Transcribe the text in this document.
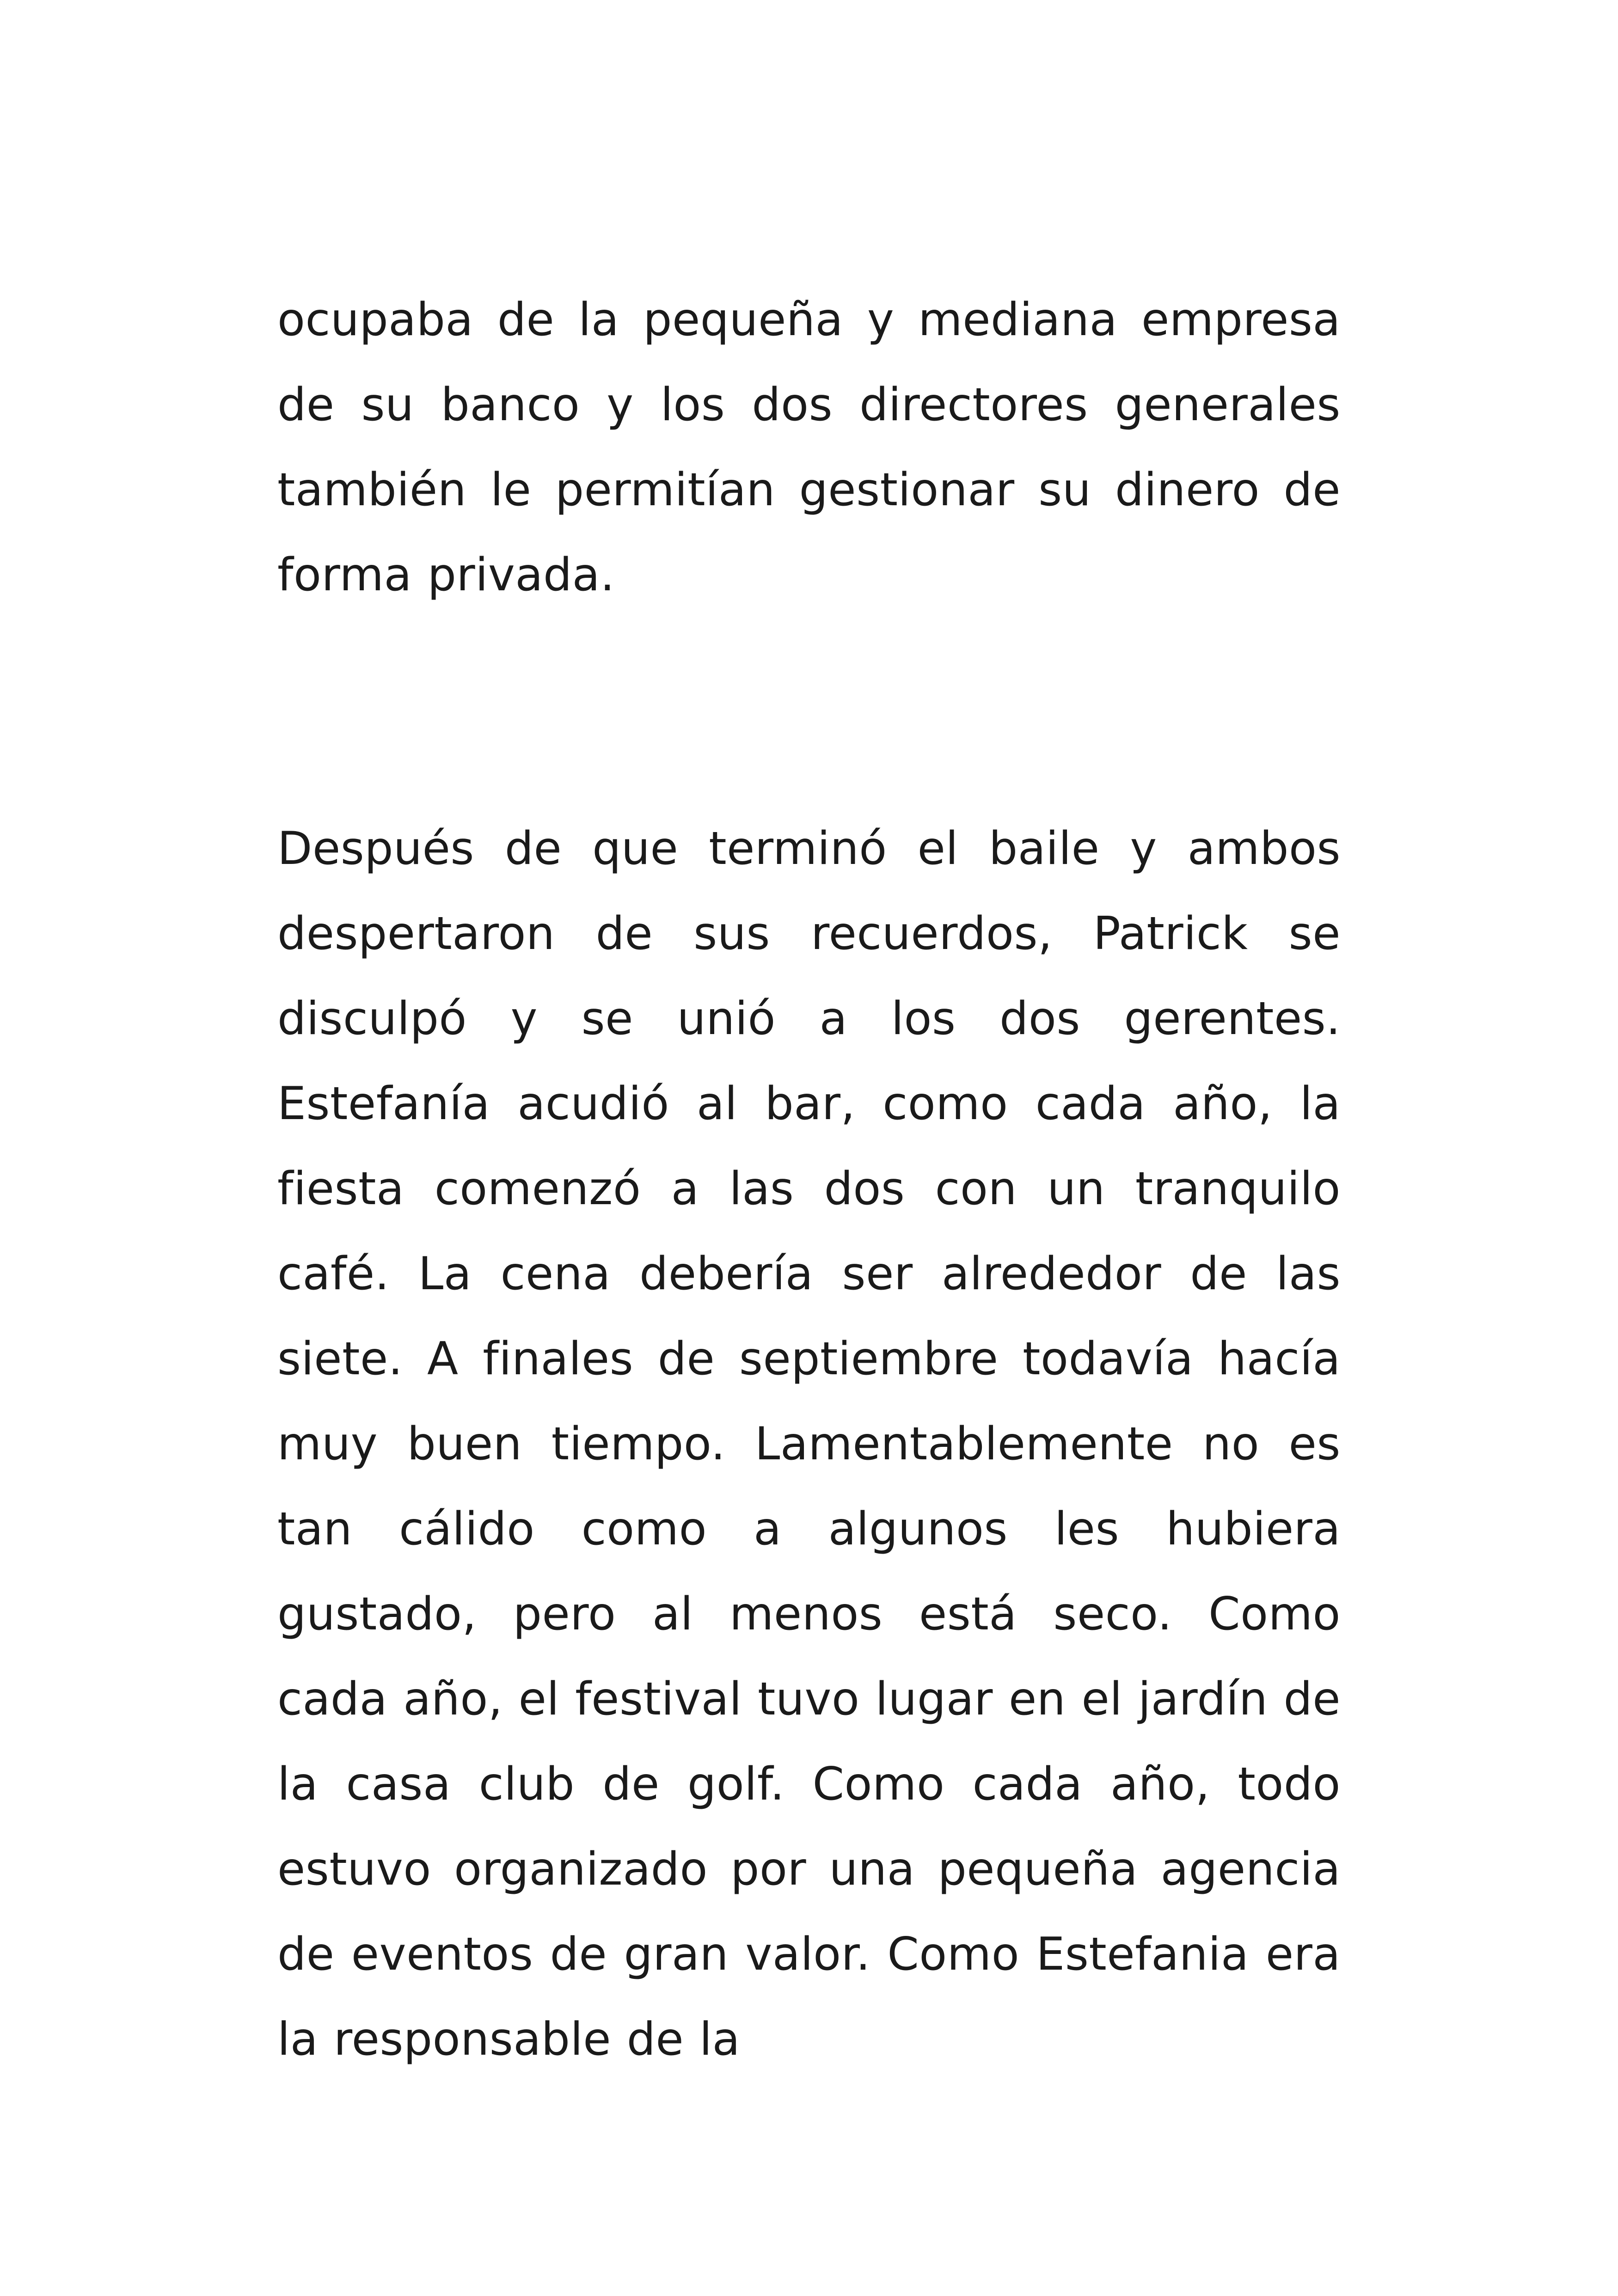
ocupaba de la pequeña y mediana empresa de su banco y los dos directores generales también le permitían gestionar su dinero de forma privada.

Después de que terminó el baile y ambos despertaron de sus recuerdos, Patrick se disculpó y se unió a los dos gerentes. Estefanía acudió al bar, como cada año, la fiesta comenzó a las dos con un tranquilo café. La cena debería ser alrededor de las siete. A finales de septiembre todavía hacía muy buen tiempo. Lamentablemente no es tan cálido como a algunos les hubiera gustado, pero al menos está seco. Como cada año, el festival tuvo lugar en el jardín de la casa club de golf. Como cada año, todo estuvo organizado por una pequeña agencia de eventos de gran valor. Como Estefania era la responsable de la
